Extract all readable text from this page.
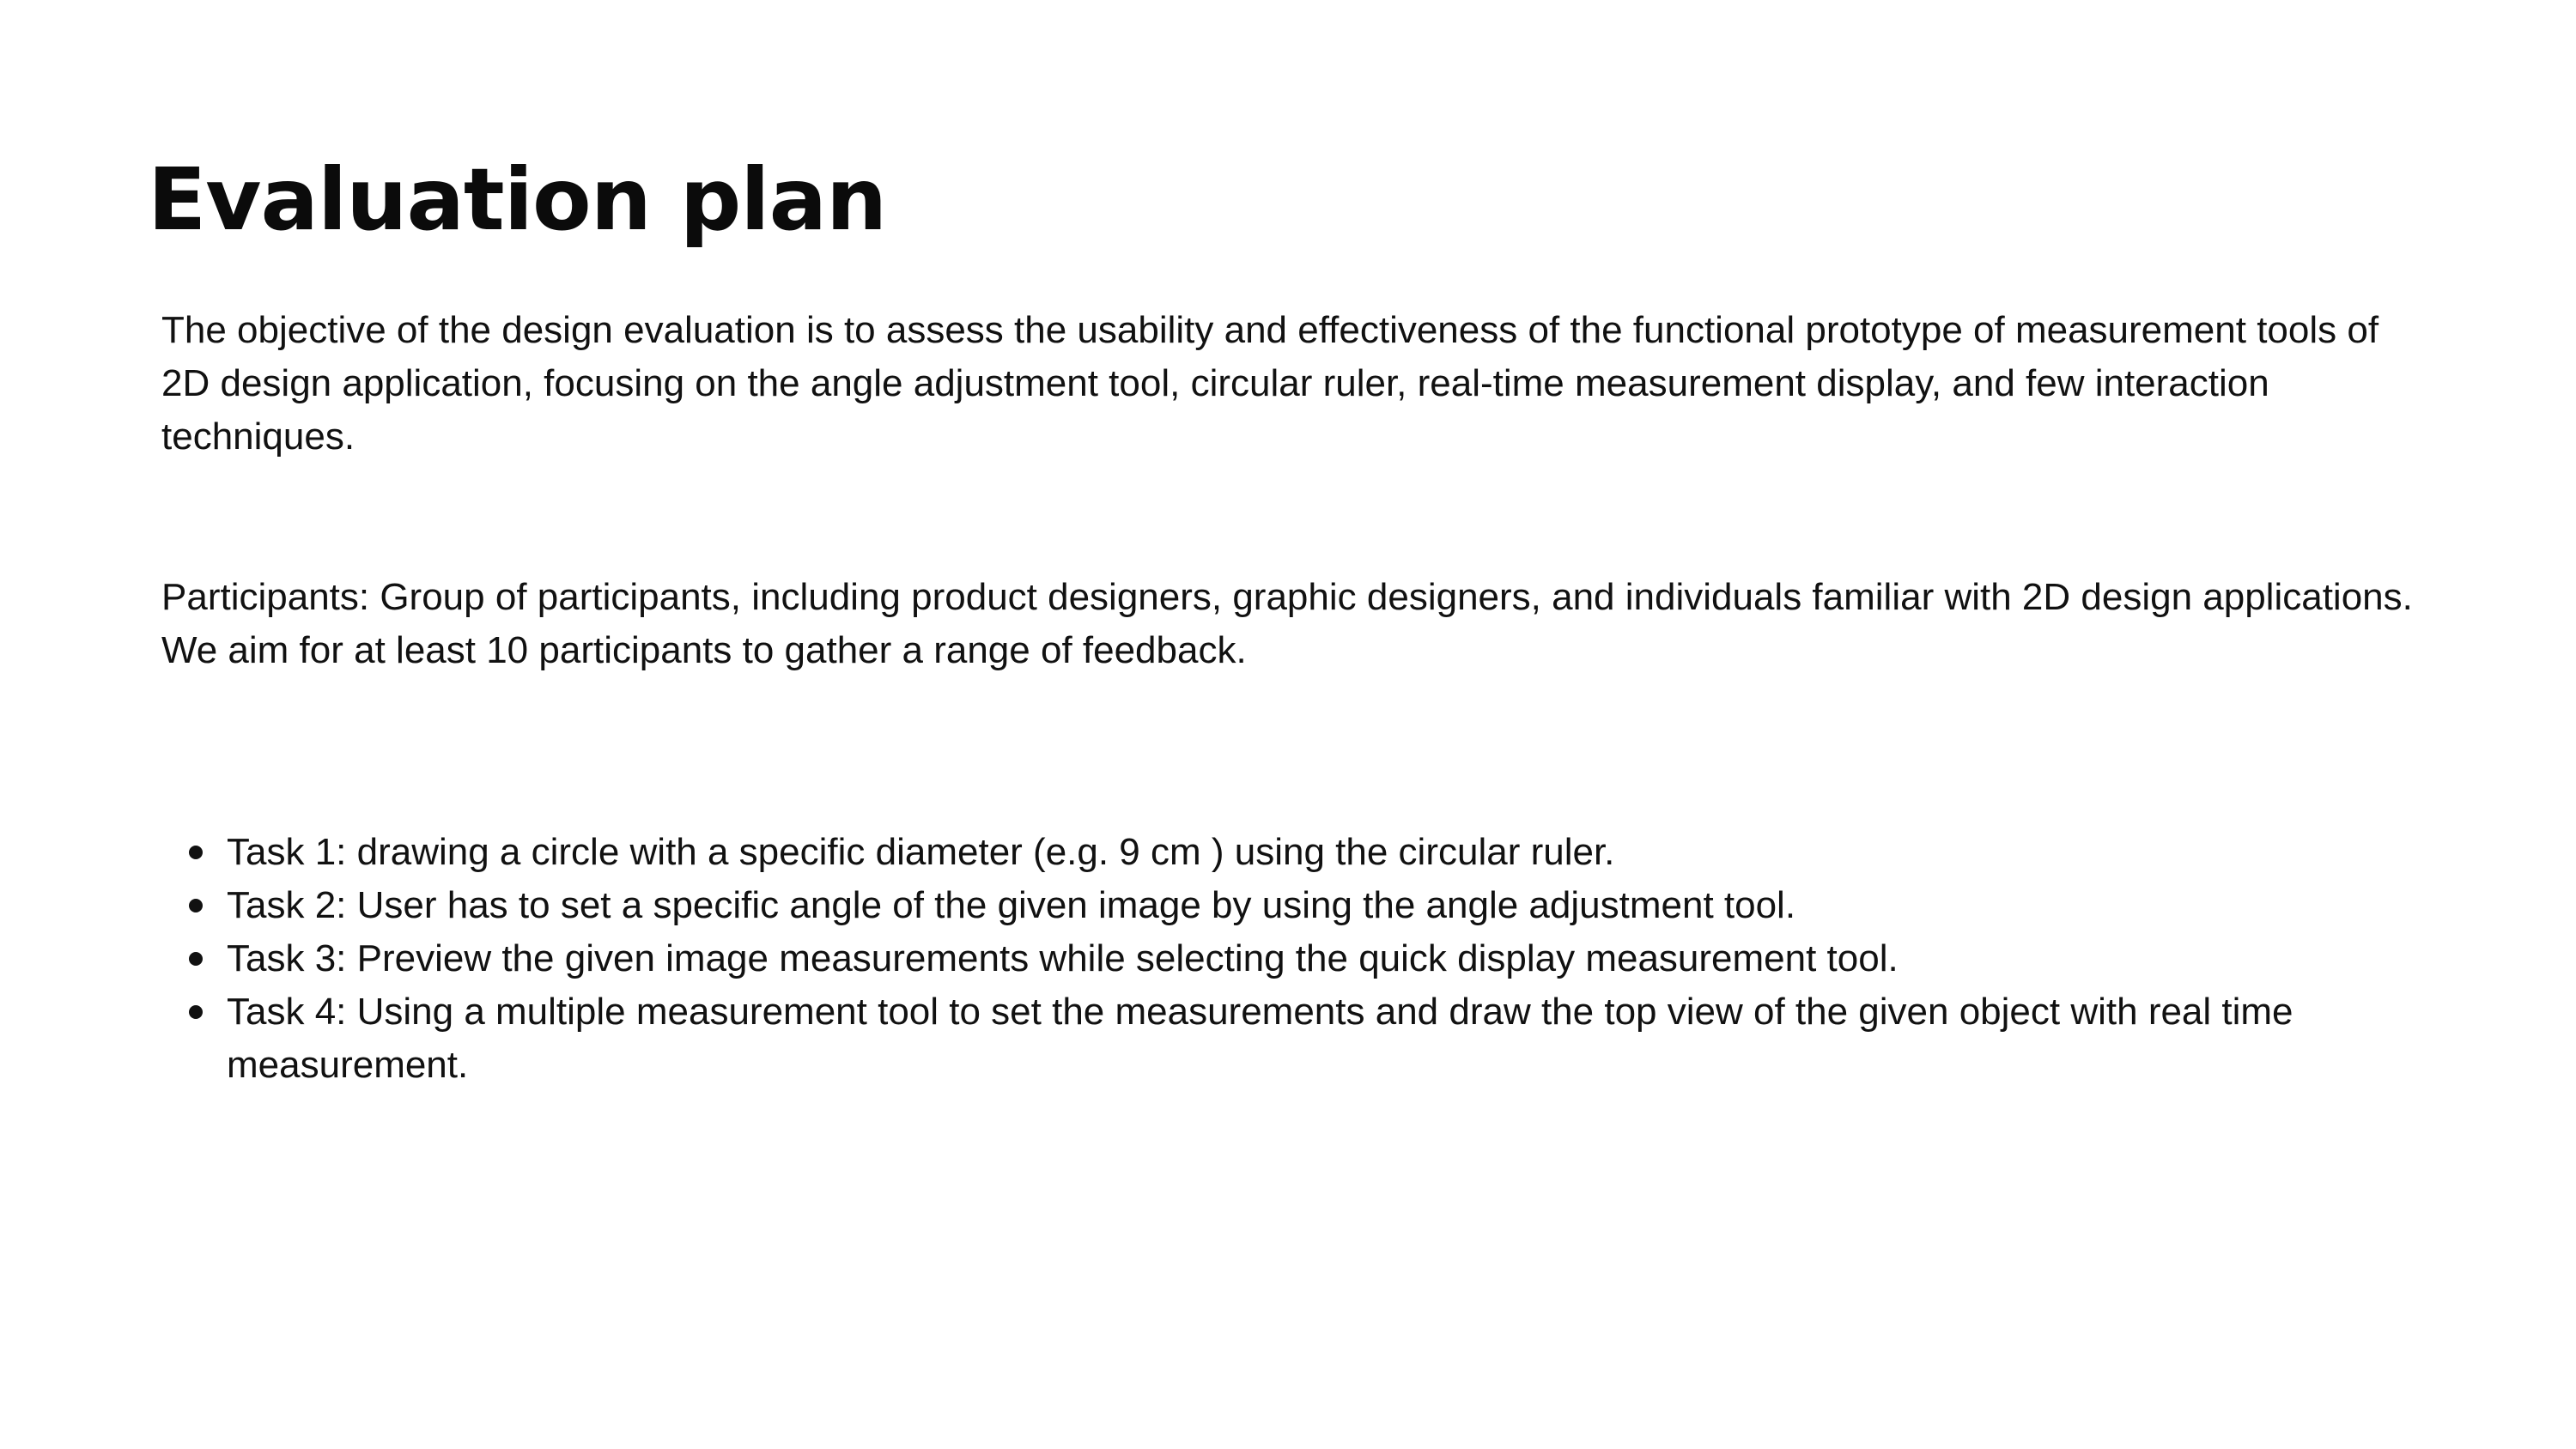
Evaluation plan

The objective of the design evaluation is to assess the usability and effectiveness of the functional prototype of measurement tools of 2D design application, focusing on the angle adjustment tool, circular ruler, real-time measurement display, and few interaction techniques.

Participants: Group of participants, including product designers, graphic designers, and individuals familiar with 2D design applications. We aim for at least 10 participants to gather a range of feedback.

Task 1: drawing a circle with a specific diameter (e.g. 9 cm ) using the circular ruler.
Task 2: User has to set a specific angle of the given image by using the angle adjustment tool.
Task 3: Preview the given image measurements while selecting the quick display measurement tool.
Task 4: Using a multiple measurement tool to set the measurements and draw the top view of the given object with real time measurement.
